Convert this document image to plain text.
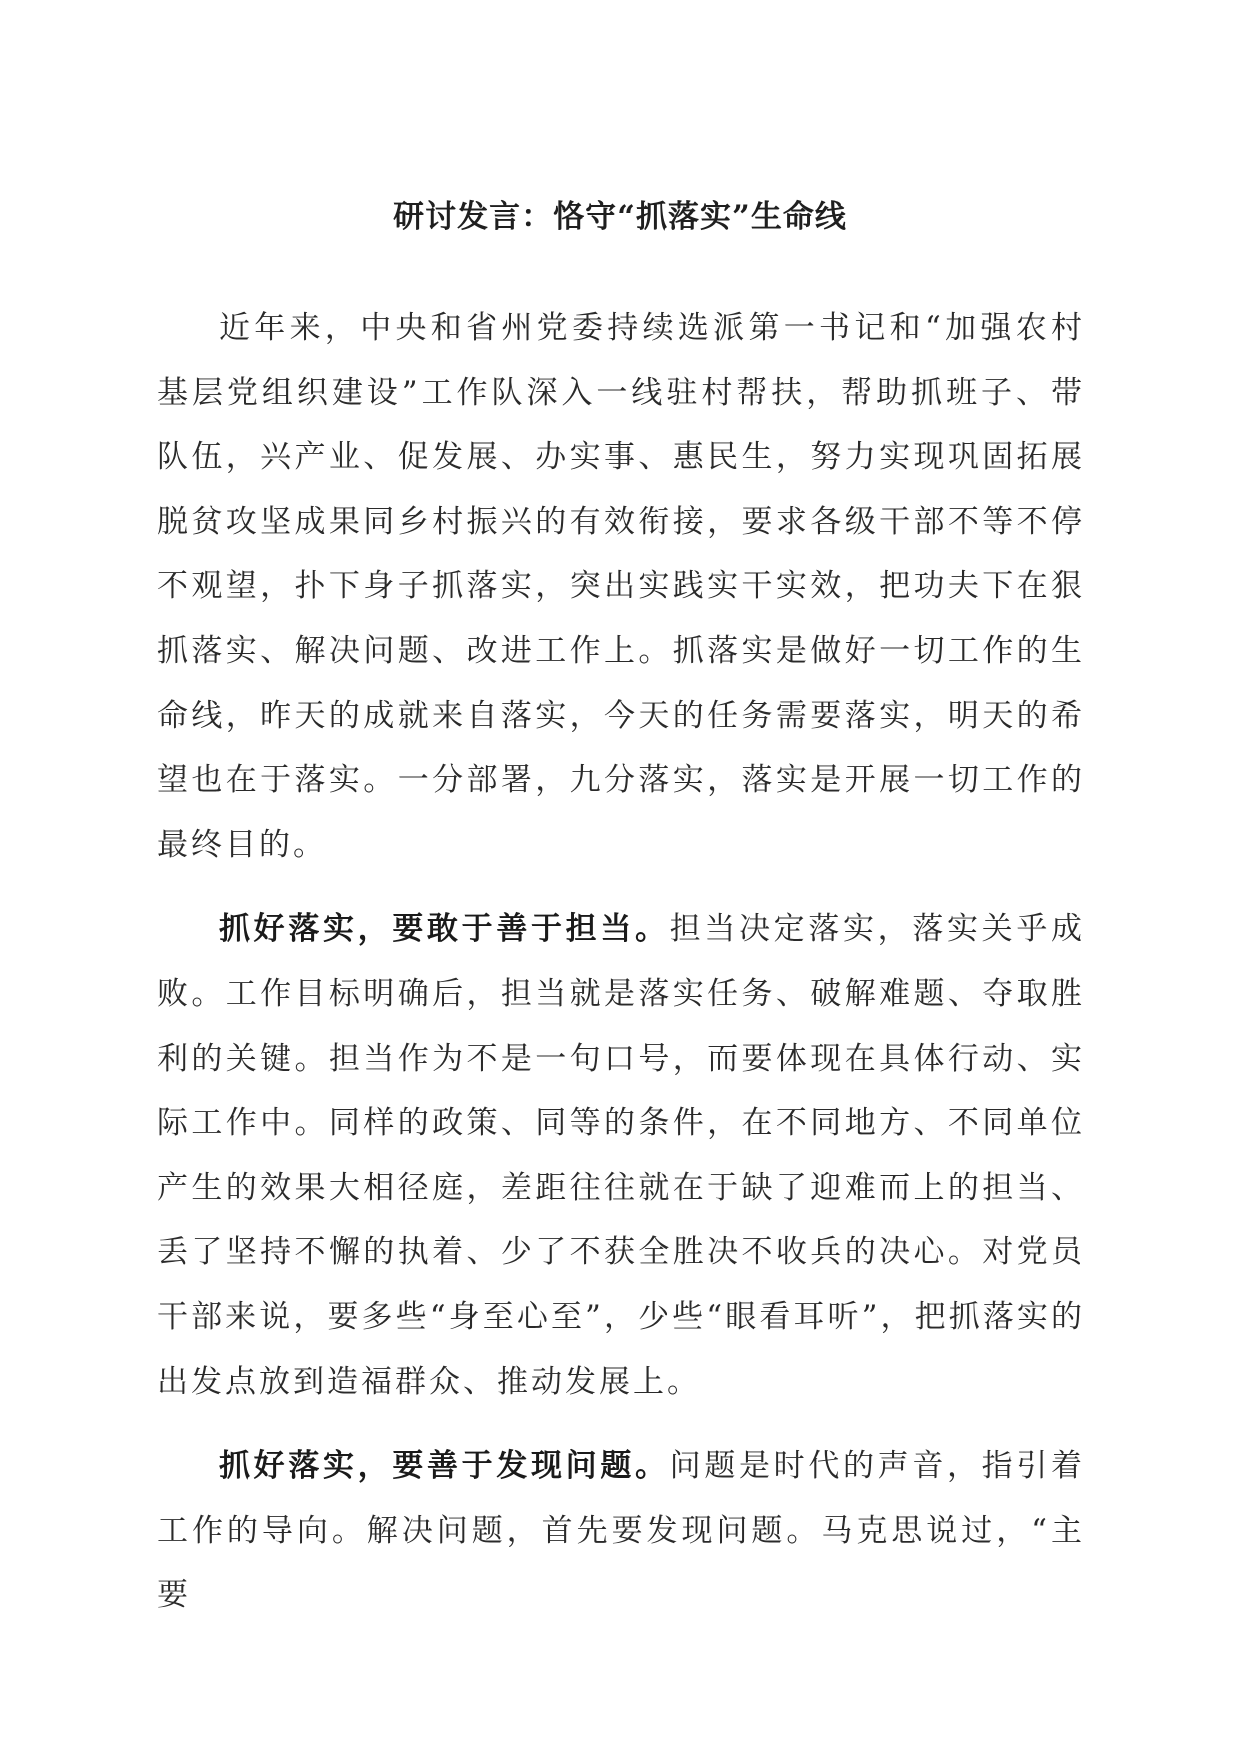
研讨发言：恪守“抓落实”生命线

近年来，中央和省州党委持续选派第一书记和“加强农村基层党组织建设”工作队深入一线驻村帮扶，帮助抓班子、带队伍，兴产业、促发展、办实事、惠民生，努力实现巩固拓展脱贫攻坚成果同乡村振兴的有效衔接，要求各级干部不等不停不观望，扑下身子抓落实，突出实践实干实效，把功夫下在狠抓落实、解决问题、改进工作上。抓落实是做好一切工作的生命线，昨天的成就来自落实，今天的任务需要落实，明天的希望也在于落实。一分部署，九分落实，落实是开展一切工作的最终目的。

抓好落实，要敢于善于担当。担当决定落实，落实关乎成败。工作目标明确后，担当就是落实任务、破解难题、夺取胜利的关键。担当作为不是一句口号，而要体现在具体行动、实际工作中。同样的政策、同等的条件，在不同地方、不同单位产生的效果大相径庭，差距往往就在于缺了迎难而上的担当、丢了坚持不懈的执着、少了不获全胜决不收兵的决心。对党员干部来说，要多些“身至心至”，少些“眼看耳听”，把抓落实的出发点放到造福群众、推动发展上。

抓好落实，要善于发现问题。问题是时代的声音，指引着工作的导向。解决问题，首先要发现问题。马克思说过，“主要
